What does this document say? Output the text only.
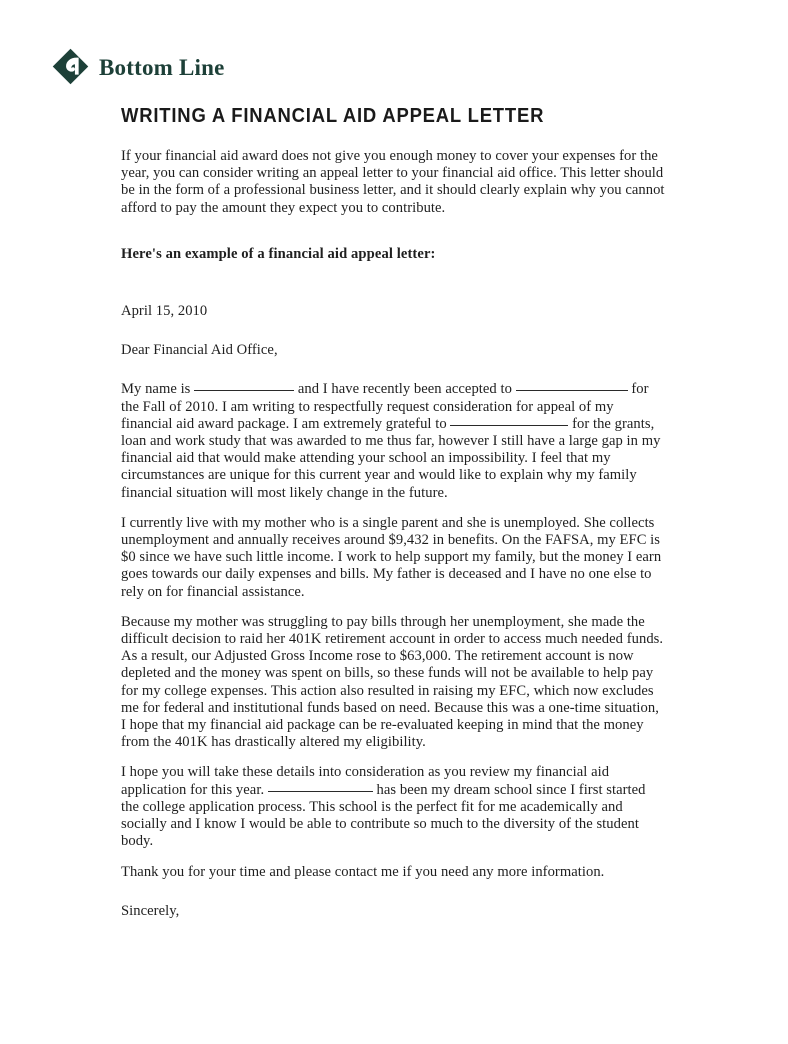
Bottom Line
WRITING A FINANCIAL AID APPEAL LETTER

If your financial aid award does not give you enough money to cover your expenses for the year, you can consider writing an appeal letter to your financial aid office. This letter should be in the form of a professional business letter, and it should clearly explain why you cannot afford to pay the amount they expect you to contribute.

Here's an example of a financial aid appeal letter:

April 15, 2010

Dear Financial Aid Office,

My name is	and I have recently been accepted to	for the Fall of 2010. I am writing to respectfully request consideration for appeal of my financial aid award package. I am extremely grateful to	for the grants, loan and work study that was awarded to me thus far, however I still have a large gap in my financial aid that would make attending your school an impossibility. I feel that my circumstances are unique for this current year and would like to explain why my family financial situation will most likely change in the future.

I currently live with my mother who is a single parent and she is unemployed. She collects unemployment and annually receives around $9,432 in benefits. On the FAFSA, my EFC is $0 since we have such little income. I work to help support my family, but the money I earn goes towards our daily expenses and bills. My father is deceased and I have no one else to rely on for financial assistance.

Because my mother was struggling to pay bills through her unemployment, she made the difficult decision to raid her 401K retirement account in order to access much needed funds. As a result, our Adjusted Gross Income rose to $63,000. The retirement account is now depleted and the money was spent on bills, so these funds will not be available to help pay for my college expenses. This action also resulted in raising my EFC, which now excludes me for federal and institutional funds based on need. Because this was a one-time situation, I hope that my financial aid package can be re-evaluated keeping in mind that the money from the 401K has drastically altered my eligibility.

I hope you will take these details into consideration as you review my financial aid application for this year.	has been my dream school since I first started the college application process. This school is the perfect fit for me academically and socially and I know I would be able to contribute so much to the diversity of the student body.

Thank you for your time and please contact me if you need any more information.

Sincerely,
